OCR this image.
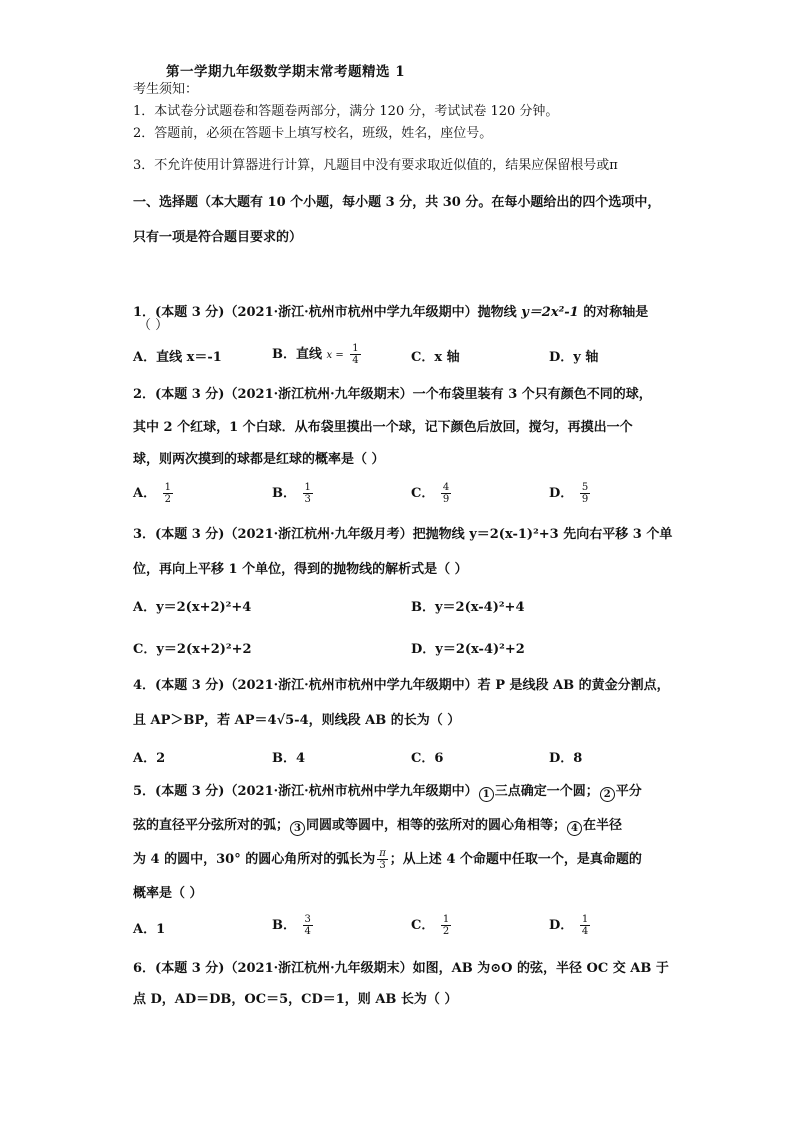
第一学期九年级数学期末常考题精选 1
考生须知：
1．本试卷分试题卷和答题卷两部分，满分 120 分，考试试卷 120 分钟。
2．答题前，必须在答题卡上填写校名，班级，姓名，座位号。
3．不允许使用计算器进行计算，凡题目中没有要求取近似值的，结果应保留根号或π
一、选择题（本大题有 10 个小题，每小题 3 分，共 30 分。在每小题给出的四个选项中，
只有一项是符合题目要求的）
1．(本题 3 分)（2021·浙江·杭州市杭州中学九年级期中）抛物线 y＝2x²-1 的对称轴是
（ ）
A．直线 x＝-1	B．直线 $x = \frac{1}{4}$	C．x 轴	D．y 轴
2．(本题 3 分)（2021·浙江杭州·九年级期末）一个布袋里装有 3 个只有颜色不同的球，
其中 2 个红球，1 个白球．从布袋里摸出一个球，记下颜色后放回，搅匀，再摸出一个
球，则两次摸到的球都是红球的概率是（ ）
A． $\frac{1}{2}$	B． $\frac{1}{3}$	C． $\frac{4}{9}$	D． $\frac{5}{9}$
3．(本题 3 分)（2021·浙江杭州·九年级月考）把抛物线 y＝2(x-1)²+3 先向右平移 3 个单
位，再向上平移 1 个单位，得到的抛物线的解析式是（ ）
A．y＝2(x+2)²+4	B．y＝2(x-4)²+4
C．y＝2(x+2)²+2	D．y＝2(x-4)²+2
4．(本题 3 分)（2021·浙江·杭州市杭州中学九年级期中）若 P 是线段 AB 的黄金分割点，
且 AP＞BP，若 AP＝4√5-4，则线段 AB 的长为（ ）
A．2	B．4	C．6	D．8
5．(本题 3 分)（2021·浙江·杭州市杭州中学九年级期中） 1 三点确定一个圆； 2 平分
弦的直径平分弦所对的弧； 3 同圆或等圆中，相等的弦所对的圆心角相等； 4 在半径
为 4 的圆中，30° 的圆心角所对的弧长为 $\frac{\pi}{3}$ ；从上述 4 个命题中任取一个，是真命题的
概率是（ ）
A．1	B． $\frac{3}{4}$	C． $\frac{1}{2}$	D． $\frac{1}{4}$
6．(本题 3 分)（2021·浙江杭州·九年级期末）如图，AB 为⊙O 的弦，半径 OC 交 AB 于
点 D，AD＝DB，OC＝5，CD＝1，则 AB 长为（ ）
